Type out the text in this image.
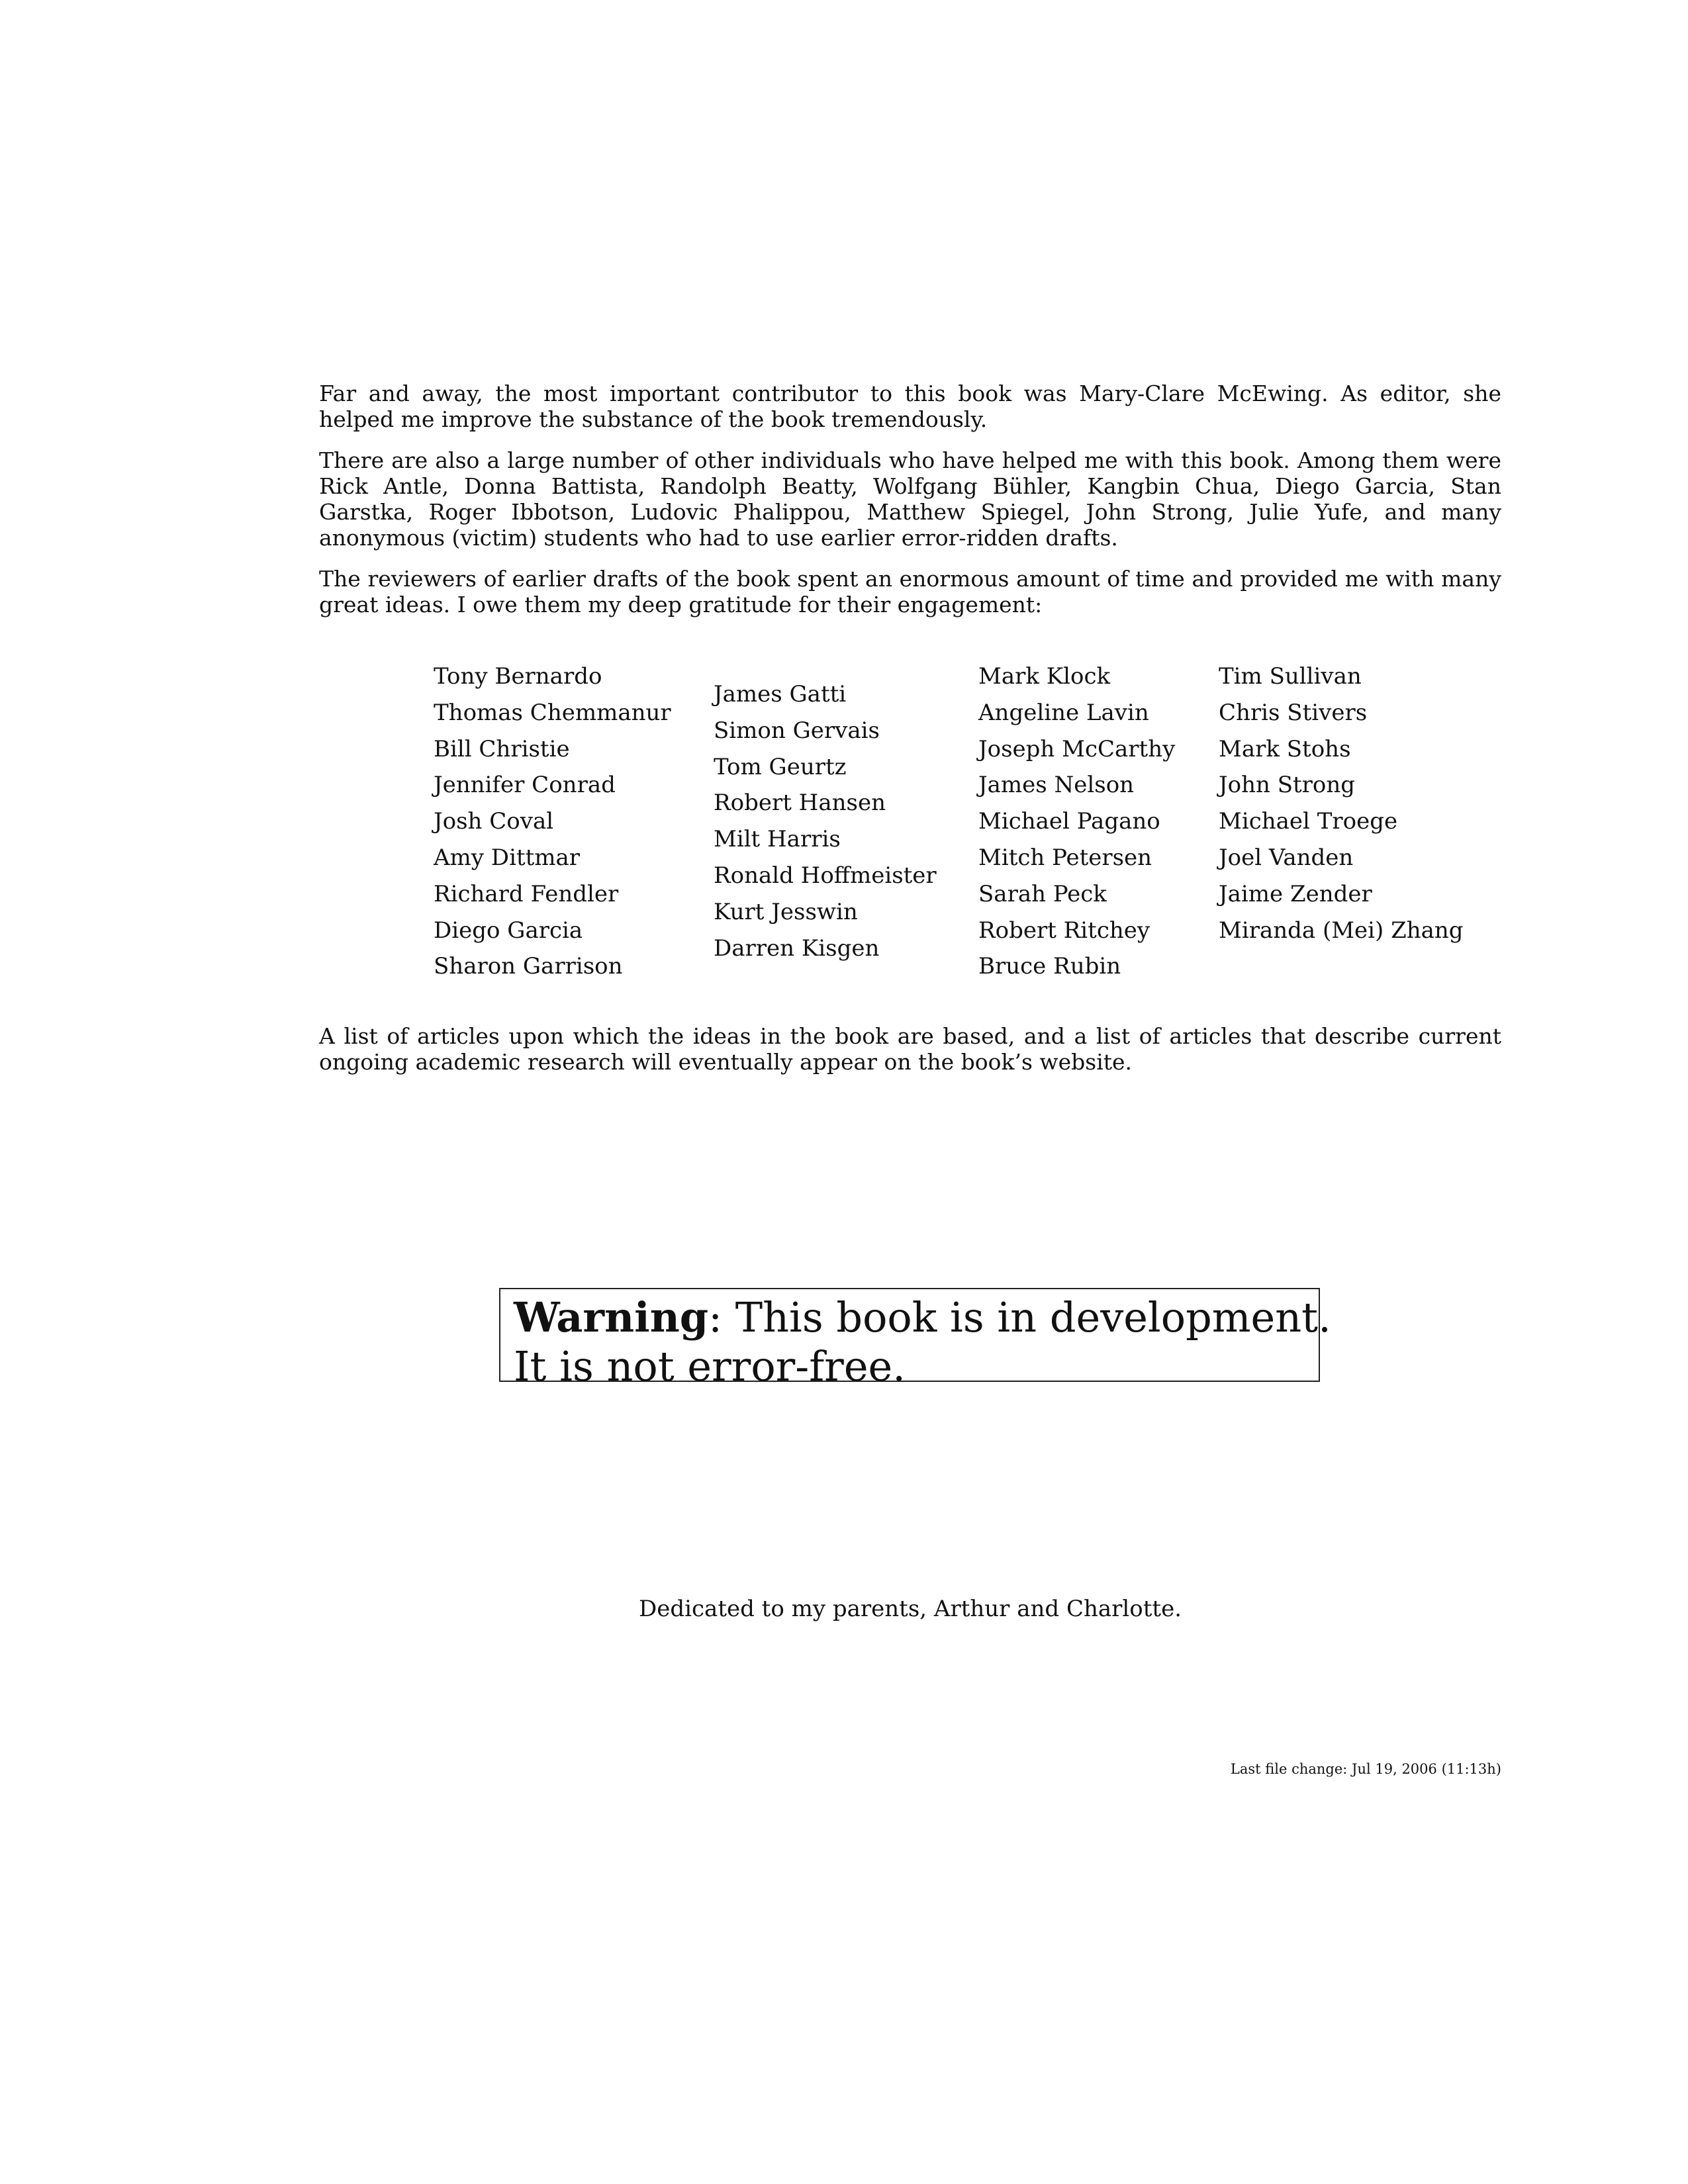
Far and away, the most important contributor to this book was Mary-Clare McEwing. As editor, she helped me improve the substance of the book tremendously.

There are also a large number of other individuals who have helped me with this book. Among them were Rick Antle, Donna Battista, Randolph Beatty, Wolfgang Bühler, Kangbin Chua, Diego Garcia, Stan Garstka, Roger Ibbotson, Ludovic Phalippou, Matthew Spiegel, John Strong, Julie Yufe, and many anonymous (victim) students who had to use earlier error-ridden drafts.

The reviewers of earlier drafts of the book spent an enormous amount of time and provided me with many great ideas. I owe them my deep gratitude for their engagement:

Tony Bernardo
Thomas Chemmanur
Bill Christie
Jennifer Conrad
Josh Coval
Amy Dittmar
Richard Fendler
Diego Garcia
Sharon Garrison
James Gatti
Simon Gervais
Tom Geurtz
Robert Hansen
Milt Harris
Ronald Hoffmeister
Kurt Jesswin
Darren Kisgen
Mark Klock
Angeline Lavin
Joseph McCarthy
James Nelson
Michael Pagano
Mitch Petersen
Sarah Peck
Robert Ritchey
Bruce Rubin
Tim Sullivan
Chris Stivers
Mark Stohs
John Strong
Michael Troege
Joel Vanden
Jaime Zender
Miranda (Mei) Zhang

A list of articles upon which the ideas in the book are based, and a list of articles that describe current ongoing academic research will eventually appear on the book’s website.

Warning: This book is in development.
It is not error-free.

Dedicated to my parents, Arthur and Charlotte.

Last file change: Jul 19, 2006 (11:13h)
